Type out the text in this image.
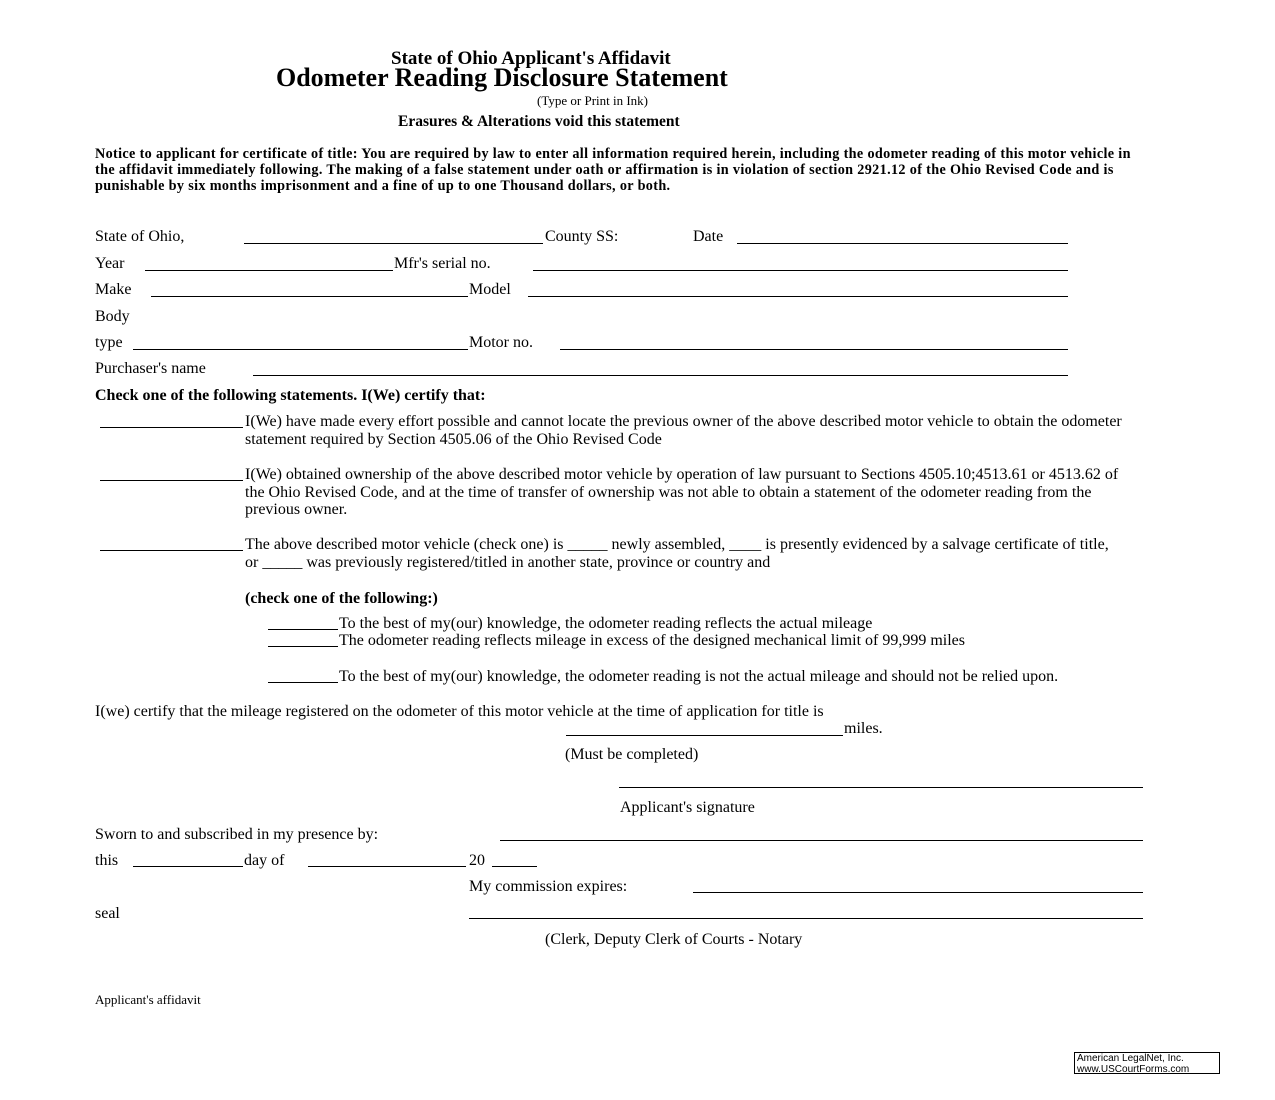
State of Ohio Applicant's Affidavit
Odometer Reading Disclosure Statement
(Type or Print in Ink)
Erasures & Alterations void this statement
Notice to applicant for certificate of title: You are required by law to enter all information required herein, including the odometer reading of this motor vehicle in the affidavit immediately following. The making of a false statement under oath or affirmation is in violation of section 2921.12 of the Ohio Revised Code and is punishable by six months imprisonment and a fine of up to one Thousand dollars, or both.
State of Ohio,	County SS:	Date
Year	Mfr's serial no.
Make	Model
Body
type	Motor no.
Purchaser's name
Check one of the following statements. I(We) certify that:
I(We) have made every effort possible and cannot locate the previous owner of the above described motor vehicle to obtain the odometer statement required by Section 4505.06 of the Ohio Revised Code
I(We) obtained ownership of the above described motor vehicle by operation of law pursuant to Sections 4505.10;4513.61 or 4513.62 of the Ohio Revised Code, and at the time of transfer of ownership was not able to obtain a statement of the odometer reading from the previous owner.
The above described motor vehicle (check one) is _____ newly assembled, ____ is presently evidenced by a salvage certificate of title, or _____ was previously registered/titled in another state, province or country and
(check one of the following:)
To the best of my(our) knowledge, the odometer reading reflects the actual mileage
The odometer reading reflects mileage in excess of the designed mechanical limit of 99,999 miles
To the best of my(our) knowledge, the odometer reading is not the actual mileage and should not be relied upon.
I(we) certify that the mileage registered on the odometer of this motor vehicle at the time of application for title is
miles.
(Must be completed)
Applicant's signature
Sworn to and subscribed in my presence by:
this	day of	20
My commission expires:
seal
(Clerk, Deputy Clerk of Courts - Notary
Applicant's affidavit
American LegalNet, Inc.
www.USCourtForms.com
